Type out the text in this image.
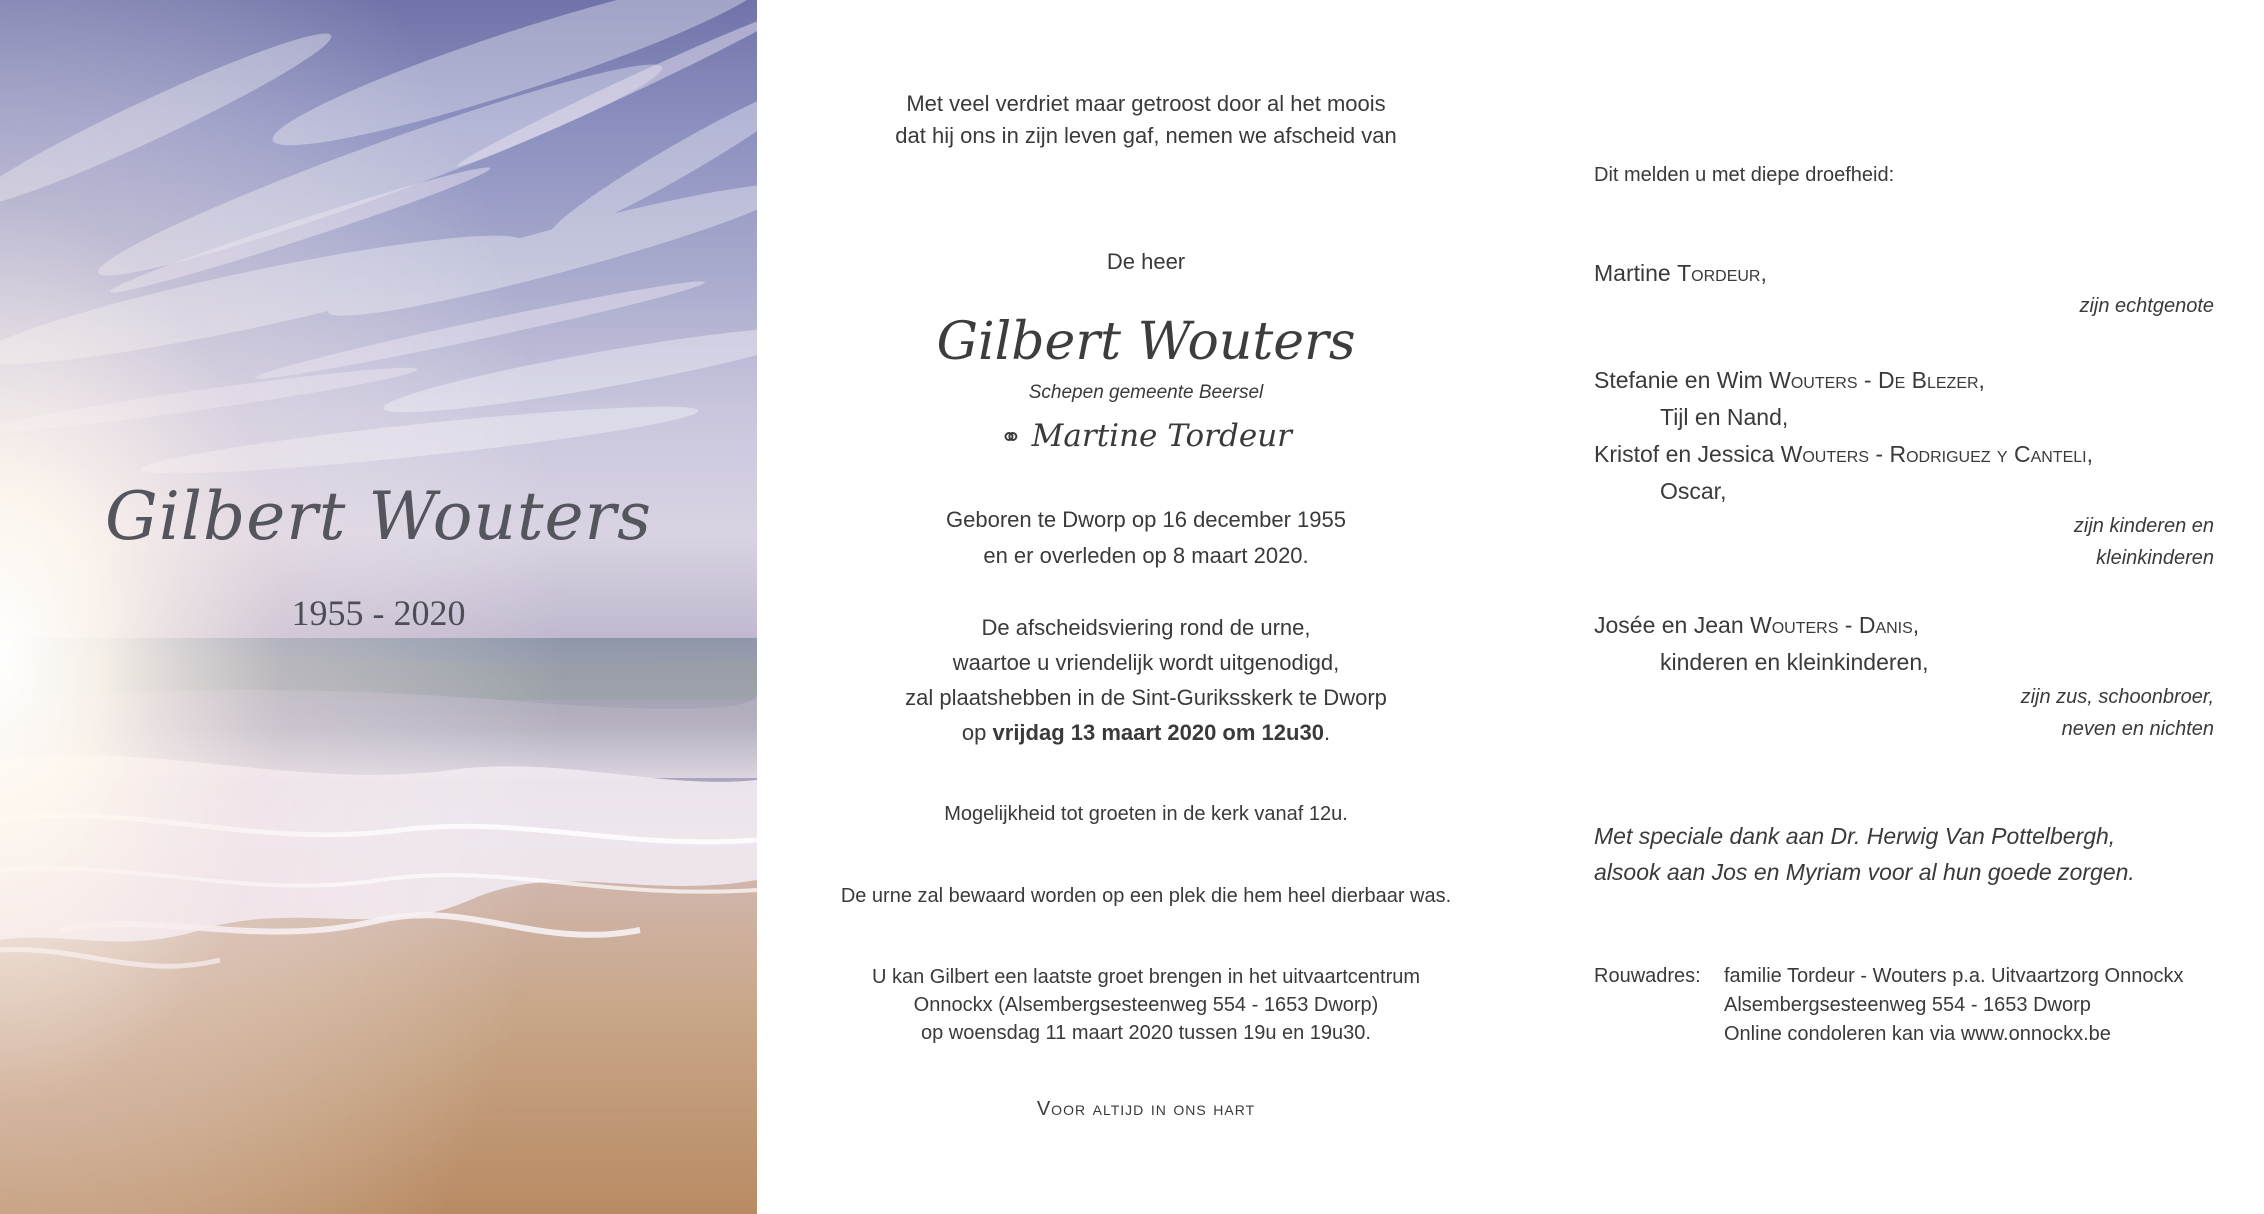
Gilbert Wouters
1955 - 2020
Met veel verdriet maar getroost door al het moois
dat hij ons in zijn leven gaf, nemen we afscheid van
De heer
Gilbert Wouters
Schepen gemeente Beersel
⚭ Martine Tordeur
Geboren te Dworp op 16 december 1955
en er overleden op 8 maart 2020.
De afscheidsviering rond de urne,
waartoe u vriendelijk wordt uitgenodigd,
zal plaatshebben in de Sint-Guriksskerk te Dworp
op vrijdag 13 maart 2020 om 12u30.
Mogelijkheid tot groeten in de kerk vanaf 12u.
De urne zal bewaard worden op een plek die hem heel dierbaar was.
U kan Gilbert een laatste groet brengen in het uitvaartcentrum
Onnockx (Alsembergsesteenweg 554 - 1653 Dworp)
op woensdag 11 maart 2020 tussen 19u en 19u30.
Voor altijd in ons hart
Dit melden u met diepe droefheid:
Martine Tordeur,
zijn echtgenote
Stefanie en Wim Wouters - De Blezer,
Tijl en Nand,
Kristof en Jessica Wouters - Rodriguez y Canteli,
Oscar,
zijn kinderen en
kleinkinderen
Josée en Jean Wouters - Danis,
kinderen en kleinkinderen,
zijn zus, schoonbroer,
neven en nichten
Met speciale dank aan Dr. Herwig Van Pottelbergh,
alsook aan Jos en Myriam voor al hun goede zorgen.
Rouwadres:	familie Tordeur - Wouters p.a. Uitvaartzorg Onnockx
Alsembergsesteenweg 554 - 1653 Dworp
Online condoleren kan via www.onnockx.be
